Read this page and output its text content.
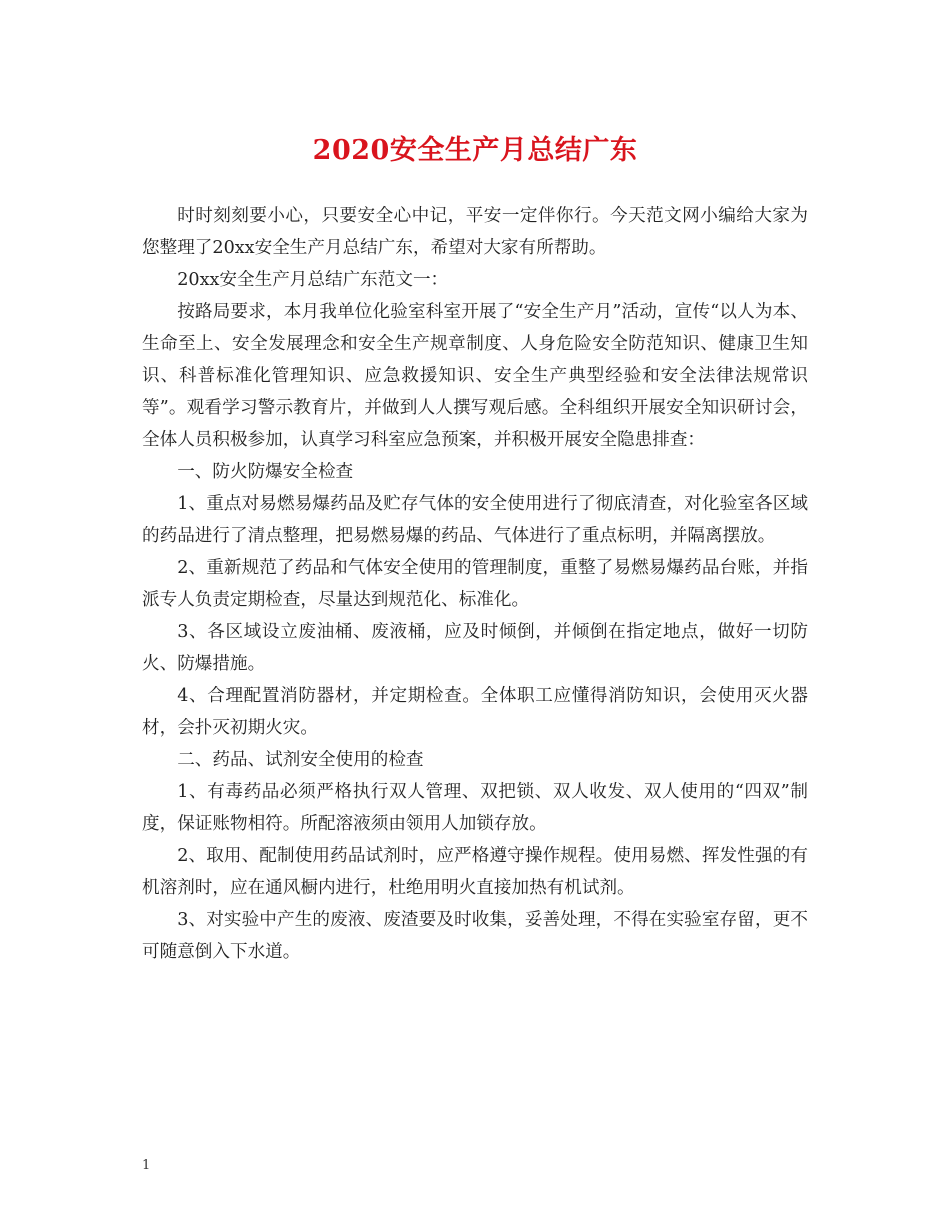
2020安全生产月总结广东

时时刻刻要小心，只要安全心中记，平安一定伴你行。今天范文网小编给大家为您整理了20xx安全生产月总结广东，希望对大家有所帮助。

20xx安全生产月总结广东范文一：

按路局要求，本月我单位化验室科室开展了“安全生产月”活动，宣传“以人为本、生命至上、安全发展理念和安全生产规章制度、人身危险安全防范知识、健康卫生知识、科普标准化管理知识、应急救援知识、安全生产典型经验和安全法律法规常识等”。观看学习警示教育片，并做到人人撰写观后感。全科组织开展安全知识研讨会，全体人员积极参加，认真学习科室应急预案，并积极开展安全隐患排查：

一、防火防爆安全检查

1、重点对易燃易爆药品及贮存气体的安全使用进行了彻底清查，对化验室各区域的药品进行了清点整理，把易燃易爆的药品、气体进行了重点标明，并隔离摆放。

2、重新规范了药品和气体安全使用的管理制度，重整了易燃易爆药品台账，并指派专人负责定期检查，尽量达到规范化、标准化。

3、各区域设立废油桶、废液桶，应及时倾倒，并倾倒在指定地点，做好一切防火、防爆措施。

4、合理配置消防器材，并定期检查。全体职工应懂得消防知识，会使用灭火器材，会扑灭初期火灾。

二、药品、试剂安全使用的检查

1、有毒药品必须严格执行双人管理、双把锁、双人收发、双人使用的“四双”制度，保证账物相符。所配溶液须由领用人加锁存放。

2、取用、配制使用药品试剂时，应严格遵守操作规程。使用易燃、挥发性强的有机溶剂时，应在通风橱内进行，杜绝用明火直接加热有机试剂。

3、对实验中产生的废液、废渣要及时收集，妥善处理，不得在实验室存留，更不可随意倒入下水道。

1
